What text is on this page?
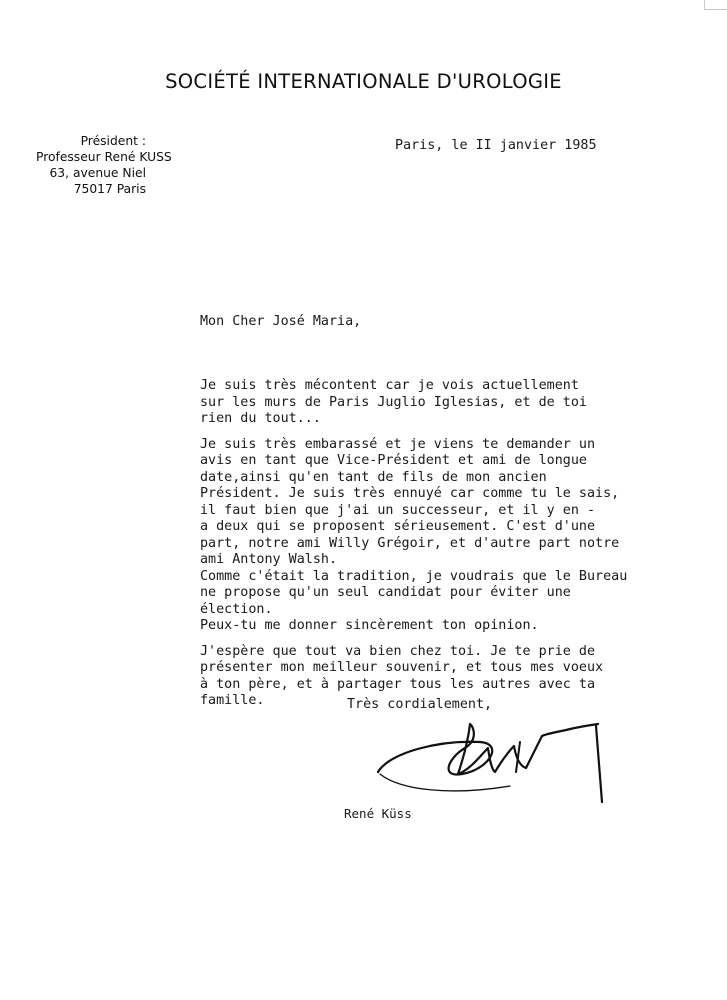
SOCIÉTÉ INTERNATIONALE D'UROLOGIE
Président :
Professeur René KUSS
63, avenue Niel
75017 Paris
Paris, le II janvier 1985
Mon Cher José Maria,
Je suis très mécontent car je vois actuellement
sur les murs de Paris Juglio Iglesias, et de toi
rien du tout...
Je suis très embarassé et je viens te demander un
avis en tant que Vice-Président et ami de longue
date,ainsi qu'en tant de fils de mon ancien
Président. Je suis très ennuyé car comme tu le sais,
il faut bien que j'ai un successeur, et il y en -
a deux qui se proposent sérieusement. C'est d'une
part, notre ami Willy Grégoir, et d'autre part notre
ami Antony Walsh.
Comme c'était la tradition, je voudrais que le Bureau
ne propose qu'un seul candidat pour éviter une
élection.
Peux-tu me donner sincèrement ton opinion.
J'espère que tout va bien chez toi. Je te prie de
présenter mon meilleur souvenir, et tous mes voeux
à ton père, et à partager tous les autres avec ta
famille.	Très cordialement,
René Küss
